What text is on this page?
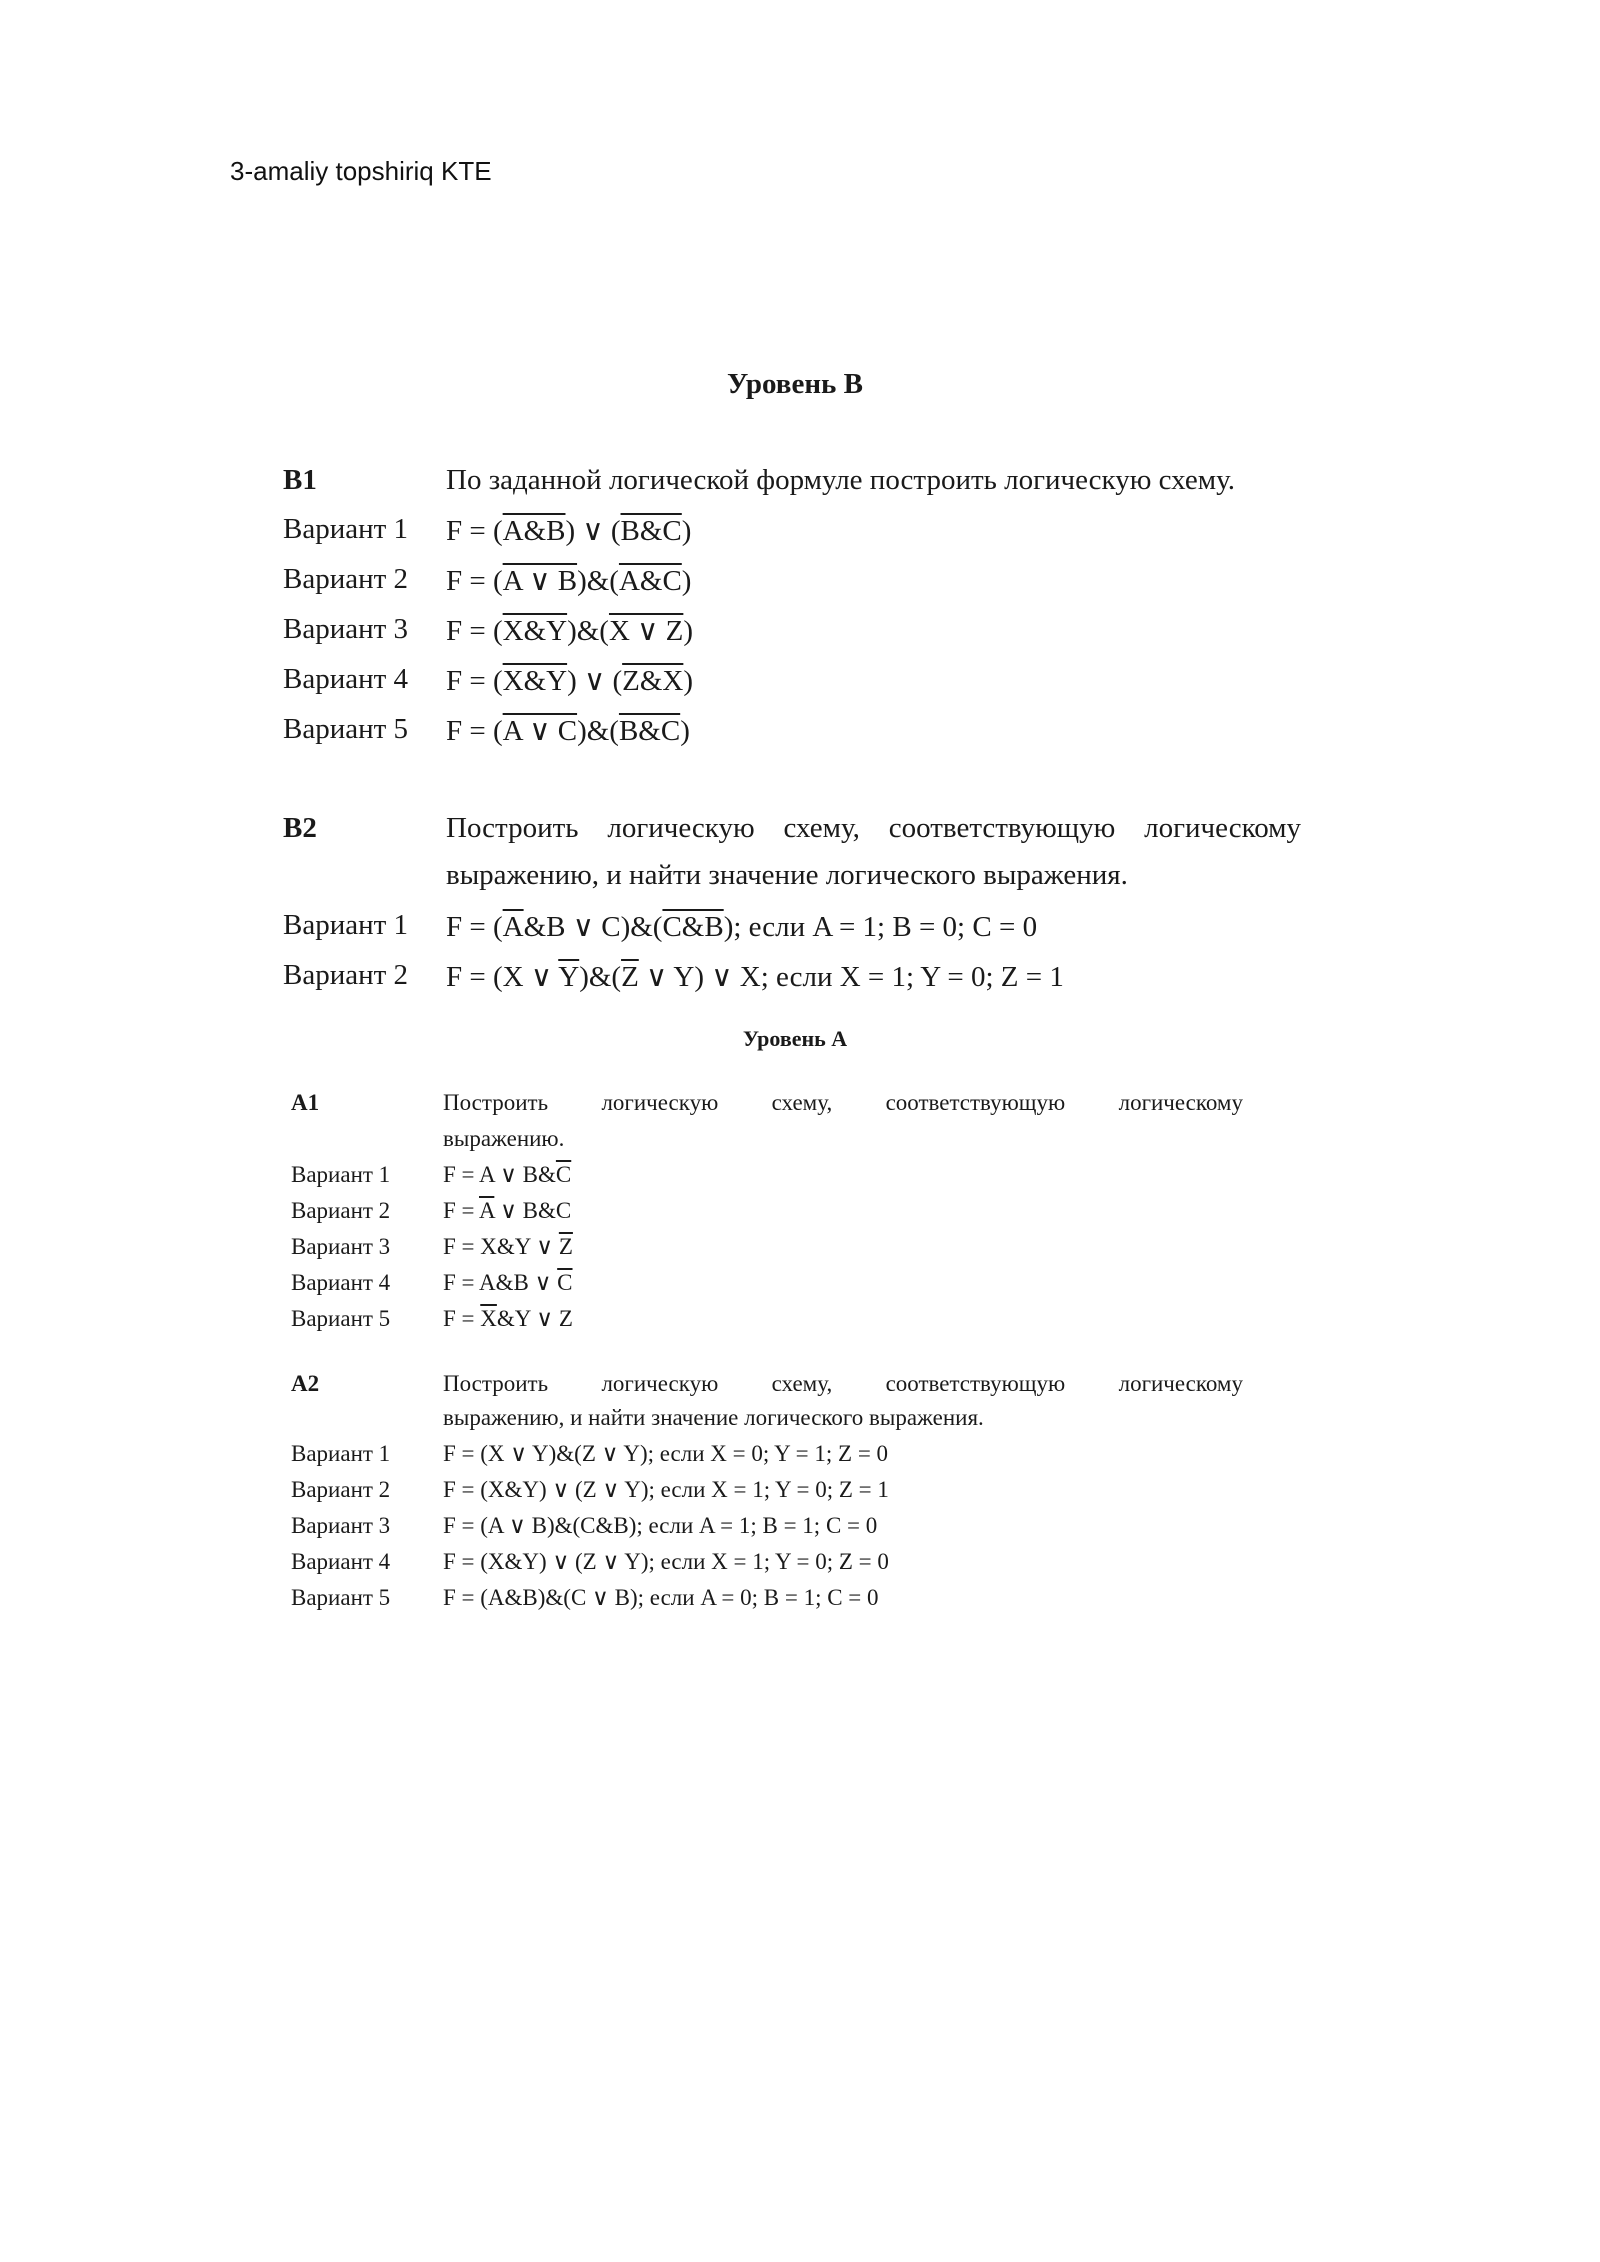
3-amaliy topshiriq KTE
Уровень В
B1	По заданной логической формуле построить логическую схему.
Вариант 1 F = (A&B) ∨ (B&C)
Вариант 2 F = (A ∨ B)&(A&C)
Вариант 3 F = (X&Y)&(X ∨ Z)
Вариант 4 F = (X&Y) ∨ (Z&X)
Вариант 5 F = (A ∨ C)&(B&C)
B2	Построить логическую схему, соответствующую логическому
выражению, и найти значение логического выражения.
Вариант 1 $F = (\overline{A}\&B$ ∨ C)&(C&B); если A = 1; B = 0; C = 0
Вариант 2 F = (X ∨ $\overline{Y})\&(\overline{Z}$ ∨ Y) ∨ X; если X = 1; Y = 0; Z = 1
Уровень А
A1	Построить логическую схему, соответствующую логическому
выражению.
Вариант 1 F = A ∨ $B\&\overline{C}$
Вариант 2 $F = \overline{A}$ ∨ B&C
Вариант 3 F = X&Y ∨ $\overline{Z}$
Вариант 4 F = A&B ∨ $\overline{C}$
Вариант 5 $F = \overline{X}\&Y$ ∨ Z
A2	Построить логическую схему, соответствующую логическому
выражению, и найти значение логического выражения.
Вариант 1 F = (X ∨ Y)&(Z ∨ Y); если X = 0; Y = 1; Z = 0
Вариант 2 F = (X&Y) ∨ (Z ∨ Y); если X = 1; Y = 0; Z = 1
Вариант 3 F = (A ∨ B)&(C&B); если A = 1; B = 1; C = 0
Вариант 4 F = (X&Y) ∨ (Z ∨ Y); если X = 1; Y = 0; Z = 0
Вариант 5 F = (A&B)&(C ∨ B); если A = 0; B = 1; C = 0
